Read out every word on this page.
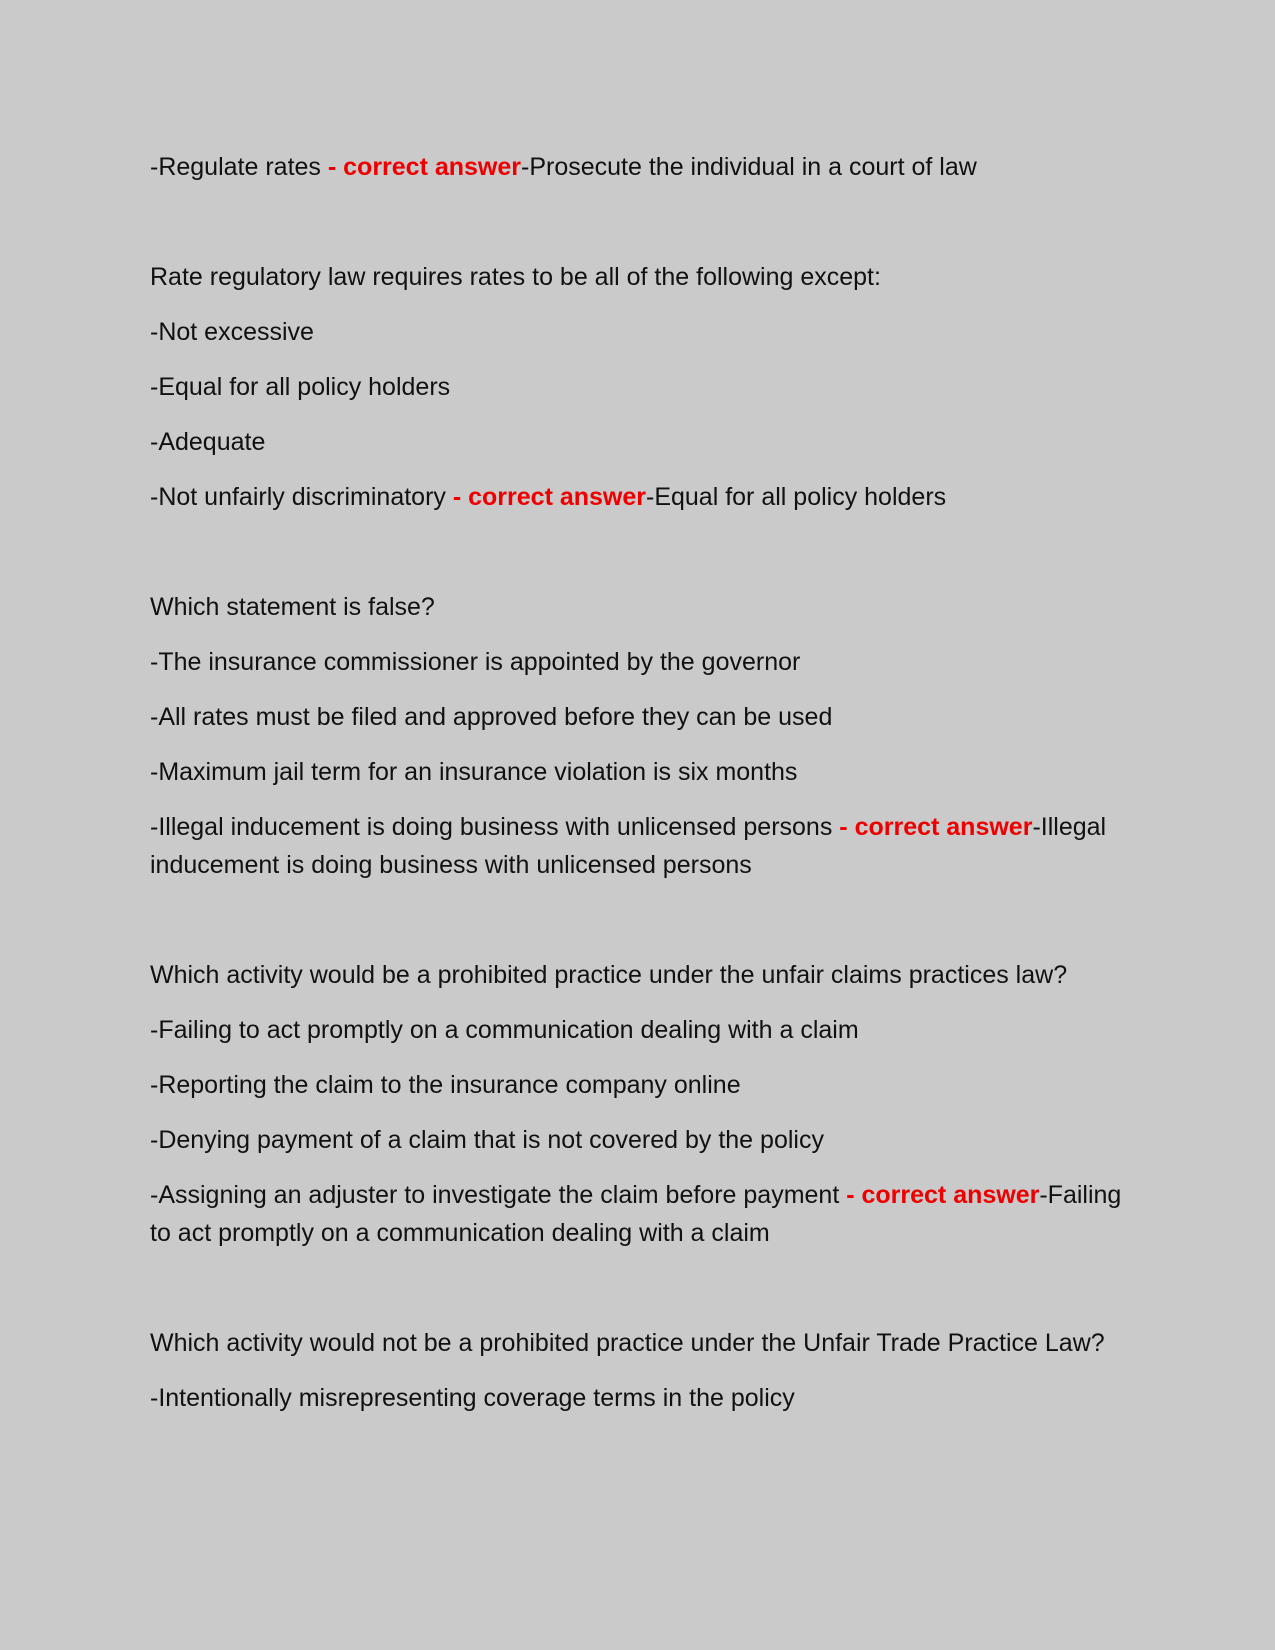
-Regulate rates - correct answer-Prosecute the individual in a court of law

Rate regulatory law requires rates to be all of the following except:

-Not excessive

-Equal for all policy holders

-Adequate

-Not unfairly discriminatory - correct answer-Equal for all policy holders

Which statement is false?

-The insurance commissioner is appointed by the governor

-All rates must be filed and approved before they can be used

-Maximum jail term for an insurance violation is six months

-Illegal inducement is doing business with unlicensed persons - correct answer-Illegal inducement is doing business with unlicensed persons

Which activity would be a prohibited practice under the unfair claims practices law?

-Failing to act promptly on a communication dealing with a claim

-Reporting the claim to the insurance company online

-Denying payment of a claim that is not covered by the policy

-Assigning an adjuster to investigate the claim before payment - correct answer-Failing to act promptly on a communication dealing with a claim

Which activity would not be a prohibited practice under the Unfair Trade Practice Law?

-Intentionally misrepresenting coverage terms in the policy
